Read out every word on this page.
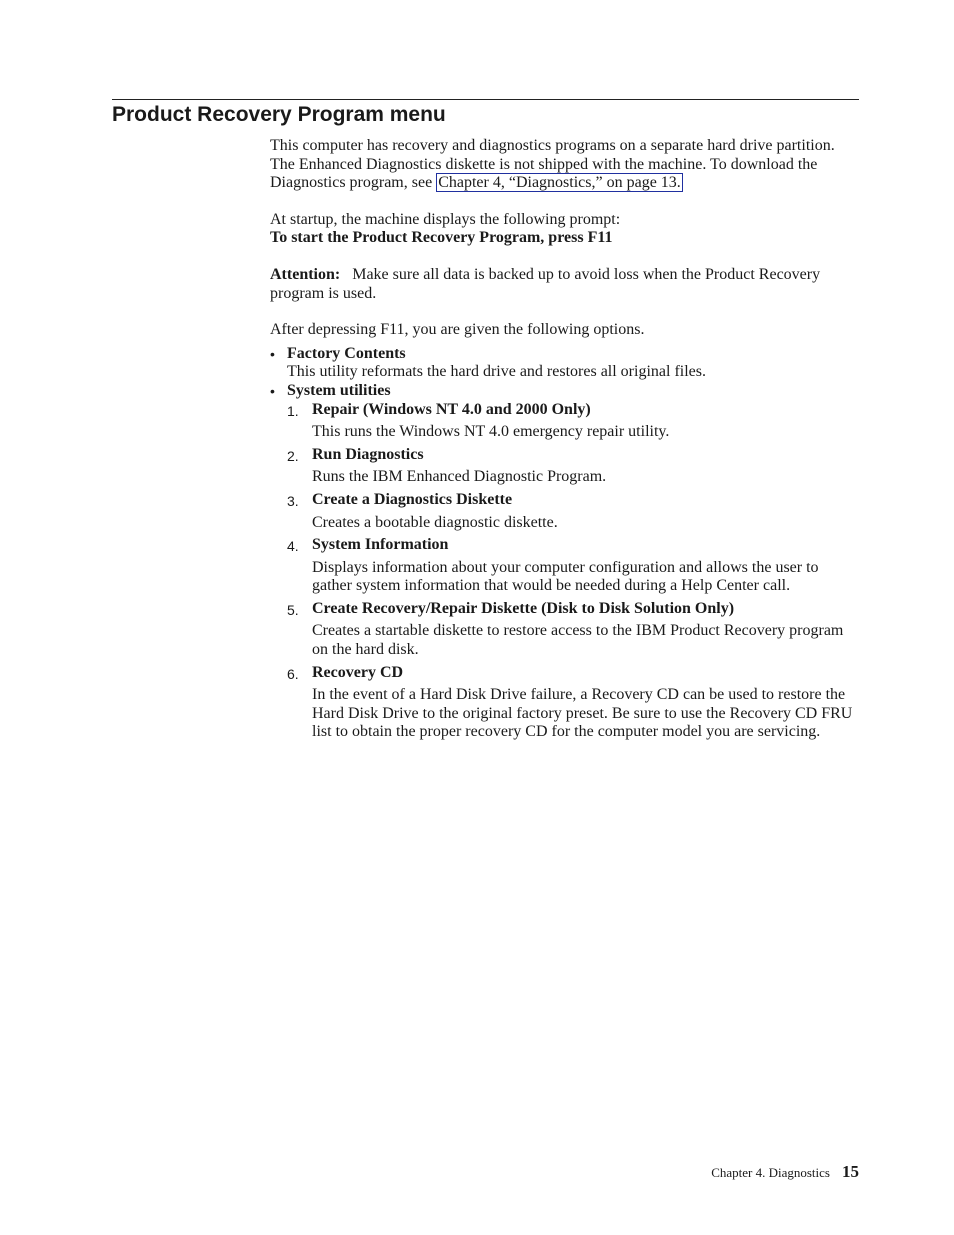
Product Recovery Program menu

This computer has recovery and diagnostics programs on a separate hard drive partition. The Enhanced Diagnostics diskette is not shipped with the machine. To download the Diagnostics program, see Chapter 4, “Diagnostics,” on page 13.

At startup, the machine displays the following prompt:
To start the Product Recovery Program, press F11

Attention: Make sure all data is backed up to avoid loss when the Product Recovery program is used.

After depressing F11, you are given the following options.

• Factory Contents

This utility reformats the hard drive and restores all original files.

• System utilities

1. Repair (Windows NT 4.0 and 2000 Only)

This runs the Windows NT 4.0 emergency repair utility.

2. Run Diagnostics

Runs the IBM Enhanced Diagnostic Program.

3. Create a Diagnostics Diskette

Creates a bootable diagnostic diskette.

4. System Information

Displays information about your computer configuration and allows the user to gather system information that would be needed during a Help Center call.

5. Create Recovery/Repair Diskette (Disk to Disk Solution Only)

Creates a startable diskette to restore access to the IBM Product Recovery program on the hard disk.

6. Recovery CD

In the event of a Hard Disk Drive failure, a Recovery CD can be used to restore the Hard Disk Drive to the original factory preset. Be sure to use the Recovery CD FRU list to obtain the proper recovery CD for the computer model you are servicing.

Chapter 4. Diagnostics 15
